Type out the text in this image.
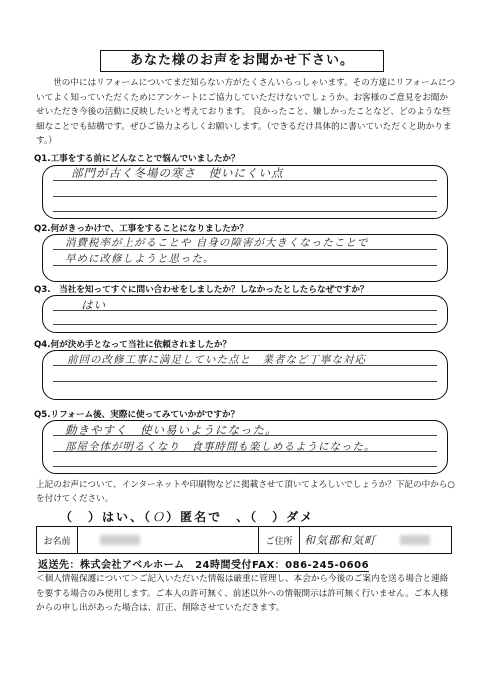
あなた様のお声をお聞かせ下さい。

世の中にはリフォームについてまだ知らない方がたくさんいらっしゃいます。その方達にリフォームについてよく知っていただくためにアンケートにご協力していただけないでしょうか。お客様のご意見をお聞かせいただき今後の活動に反映したいと考えております。 良かったこと、嫌しかったことなど、どのような些細なことでも結構です。ぜひご協力よろしくお願いします。（できるだけ具体的に書いていただくと助かります。）

Q1.工事をする前にどんなことで悩んでいましたか？
部門が古く冬場の寒さ　使いにくい点
Q2.何がきっかけで、工事をすることになりましたか？
消費税率が上がることや 自身の障害が大きくなったことで
早めに改修しようと思った。
Q3.　当社を知ってすぐに問い合わせをしましたか？しなかったとしたらなぜですか？
はい
Q4.何が決め手となって当社に依頼されましたか？
前回の改修工事に満足していた点と　業者など丁寧な対応
Q5.リフォーム後、実際に使ってみていかがですか？
動きやすく　使い易いようになった。
部屋全体が明るくなり　食事時間も楽しめるようになった。

上記のお声について、インターネットや印刷物などに掲載させて頂いてよろしいでしょうか？下記の中から○を付けてください。

（　）はい、（Ｏ）匿名で　、（　）ダメ
お名前	ご住所	和気郡和気町
返送先：株式会社アベルホーム　24時間受付FAX：086-245-0606

＜個人情報保護について＞ご記入いただいた情報は厳重に管理し、本会から今後のご案内を送る場合と連絡を要する場合のみ使用します。ご本人の許可無く、前述以外への情報開示は許可無く行いません。ご本人様からの申し出があった場合は、訂正、削除させていただきます。
